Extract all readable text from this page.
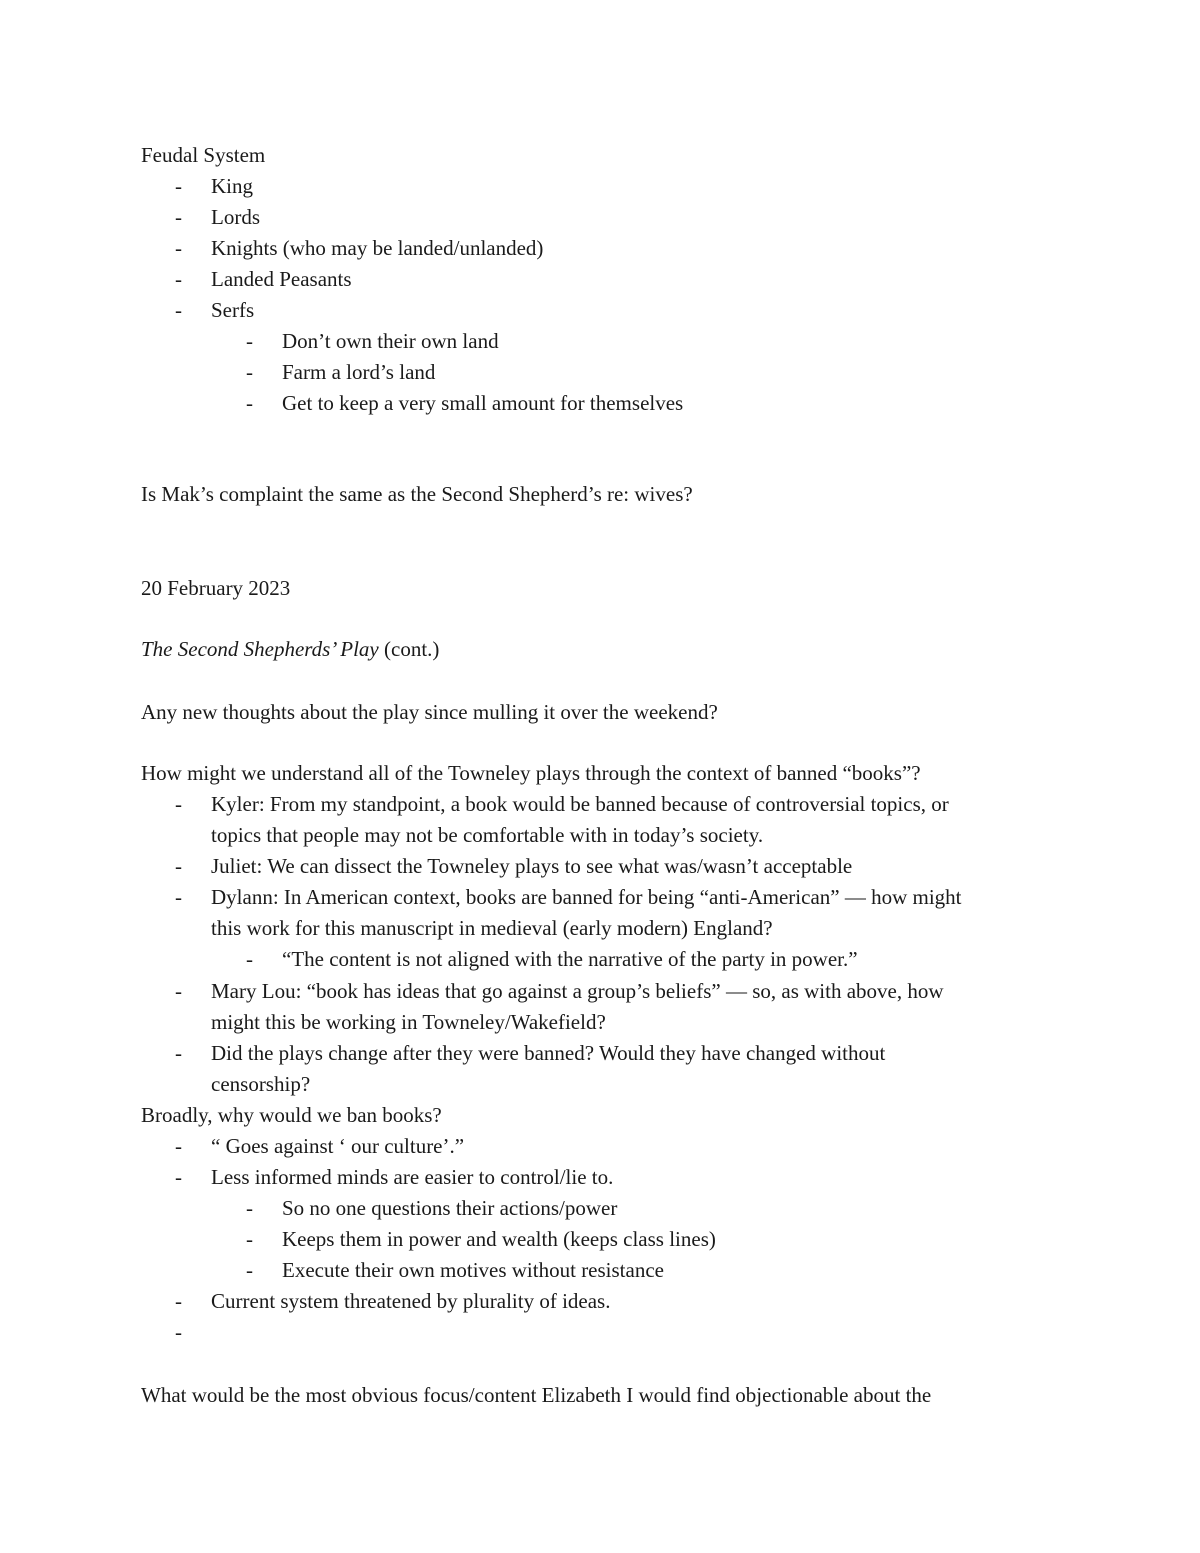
Feudal System
- King
- Lords
- Knights (who may be landed/unlanded)
- Landed Peasants
- Serfs
- Don’t own their own land
- Farm a lord’s land
- Get to keep a very small amount for themselves
Is Mak’s complaint the same as the Second Shepherd’s re: wives?
20 February 2023
The Second Shepherds’ Play (cont.)
Any new thoughts about the play since mulling it over the weekend?
How might we understand all of the Towneley plays through the context of banned “books”?
- Kyler: From my standpoint, a book would be banned because of controversial topics, or
topics that people may not be comfortable with in today’s society.
- Juliet: We can dissect the Towneley plays to see what was/wasn’t acceptable
- Dylann: In American context, books are banned for being “anti-American” — how might
this work for this manuscript in medieval (early modern) England?
- “The content is not aligned with the narrative of the party in power.”
- Mary Lou: “book has ideas that go against a group’s beliefs” — so, as with above, how
might this be working in Towneley/Wakefield?
- Did the plays change after they were banned? Would they have changed without
censorship?
Broadly, why would we ban books?
- “ Goes against ‘ our culture’.”
- Less informed minds are easier to control/lie to.
- So no one questions their actions/power
- Keeps them in power and wealth (keeps class lines)
- Execute their own motives without resistance
- Current system threatened by plurality of ideas.
-
What would be the most obvious focus/content Elizabeth I would find objectionable about the
